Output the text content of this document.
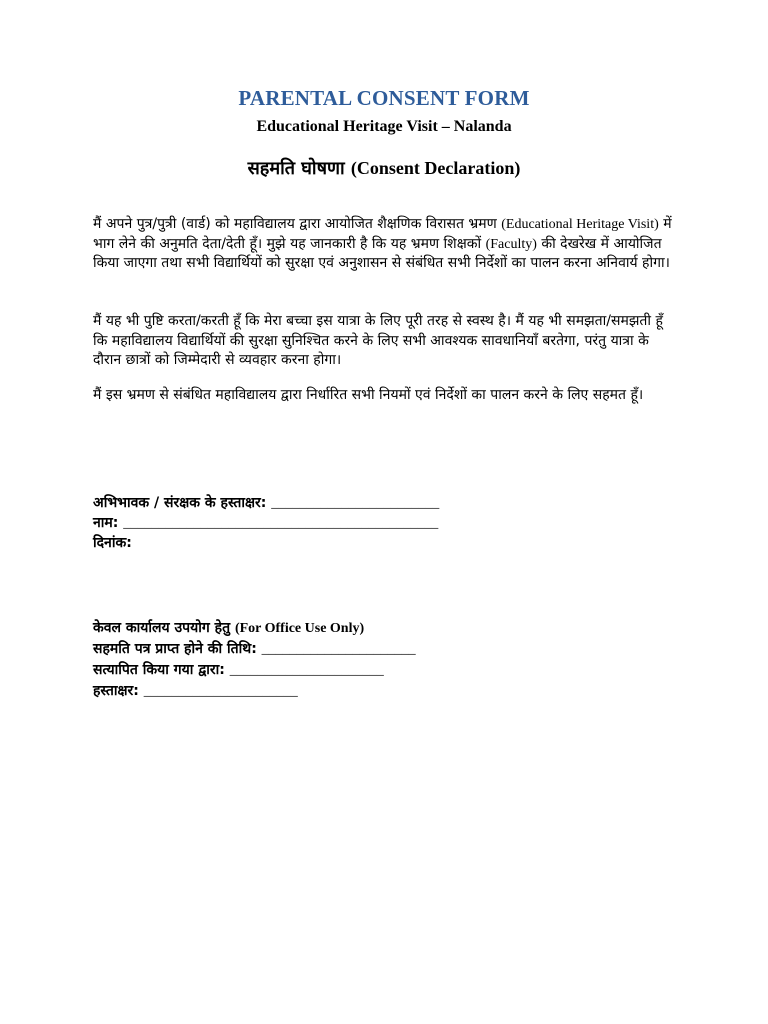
PARENTAL CONSENT FORM
Educational Heritage Visit – Nalanda
सहमति घोषणा (Consent Declaration)
मैं अपने पुत्र/पुत्री (वार्ड) को महाविद्यालय द्वारा आयोजित शैक्षणिक विरासत भ्रमण (Educational Heritage Visit) में भाग लेने की अनुमति देता/देती हूँ। मुझे यह जानकारी है कि यह भ्रमण शिक्षकों (Faculty) की देखरेख में आयोजित किया जाएगा तथा सभी विद्यार्थियों को सुरक्षा एवं अनुशासन से संबंधित सभी निर्देशों का पालन करना अनिवार्य होगा।
मैं यह भी पुष्टि करता/करती हूँ कि मेरा बच्चा इस यात्रा के लिए पूरी तरह से स्वस्थ है। मैं यह भी समझता/समझती हूँ कि महाविद्यालय विद्यार्थियों की सुरक्षा सुनिश्चित करने के लिए सभी आवश्यक सावधानियाँ बरतेगा, परंतु यात्रा के दौरान छात्रों को जिम्मेदारी से व्यवहार करना होगा।
मैं इस भ्रमण से संबंधित महाविद्यालय द्वारा निर्धारित सभी नियमों एवं निर्देशों का पालन करने के लिए सहमत हूँ।
अभिभावक / संरक्षक के हस्ताक्षर: ________________________
नाम: _____________________________________________
दिनांक:
केवल कार्यालय उपयोग हेतु (For Office Use Only)
सहमति पत्र प्राप्त होने की तिथि: ______________________
सत्यापित किया गया द्वारा: ______________________
हस्ताक्षर: ______________________
